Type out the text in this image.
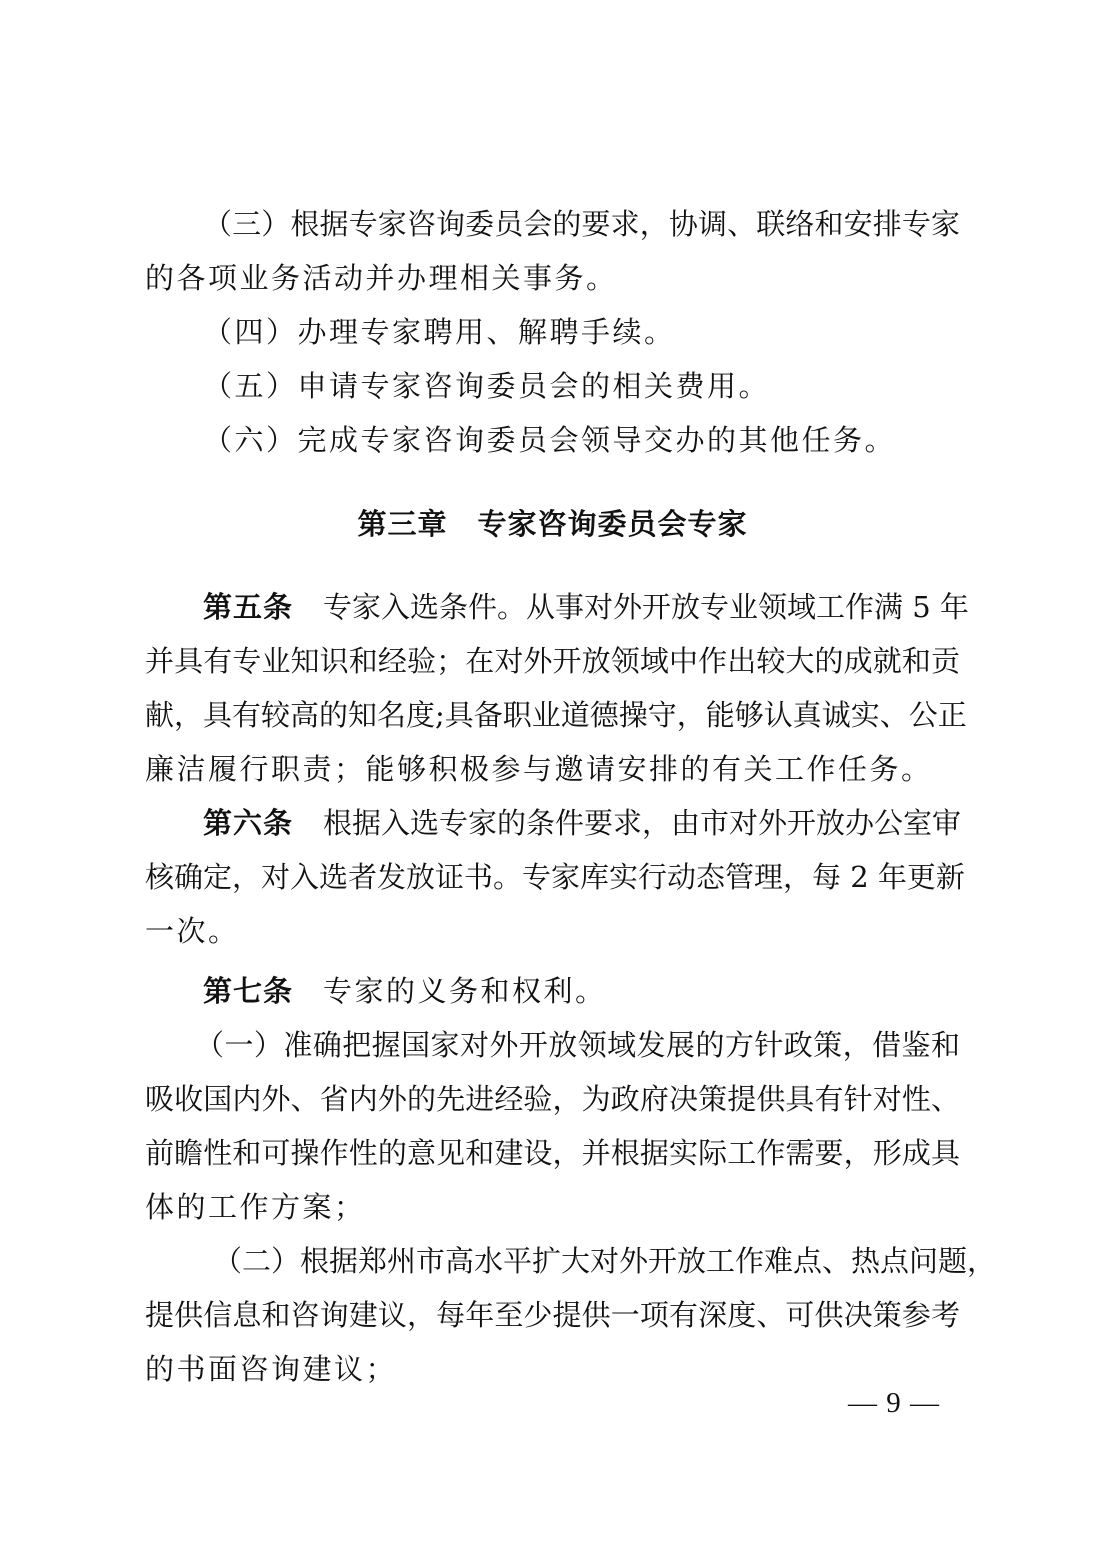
（三）根据专家咨询委员会的要求，协调、联络和安排专家

的各项业务活动并办理相关事务。

（四）办理专家聘用、解聘手续。

（五）申请专家咨询委员会的相关费用。

（六）完成专家咨询委员会领导交办的其他任务。

第三章　专家咨询委员会专家

第五条 专家入选条件。从事对外开放专业领域工作满 5 年

并具有专业知识和经验；在对外开放领域中作出较大的成就和贡

献，具有较高的知名度;具备职业道德操守，能够认真诚实、公正

廉洁履行职责；能够积极参与邀请安排的有关工作任务。

第六条 根据入选专家的条件要求，由市对外开放办公室审

核确定，对入选者发放证书。专家库实行动态管理，每 2 年更新

一次。

第七条 专家的义务和权利。

（一）准确把握国家对外开放领域发展的方针政策，借鉴和

吸收国内外、省内外的先进经验，为政府决策提供具有针对性、

前瞻性和可操作性的意见和建设，并根据实际工作需要，形成具

体的工作方案；

（二）根据郑州市高水平扩大对外开放工作难点、热点问题，

提供信息和咨询建议，每年至少提供一项有深度、可供决策参考

的书面咨询建议；

— 9 —
